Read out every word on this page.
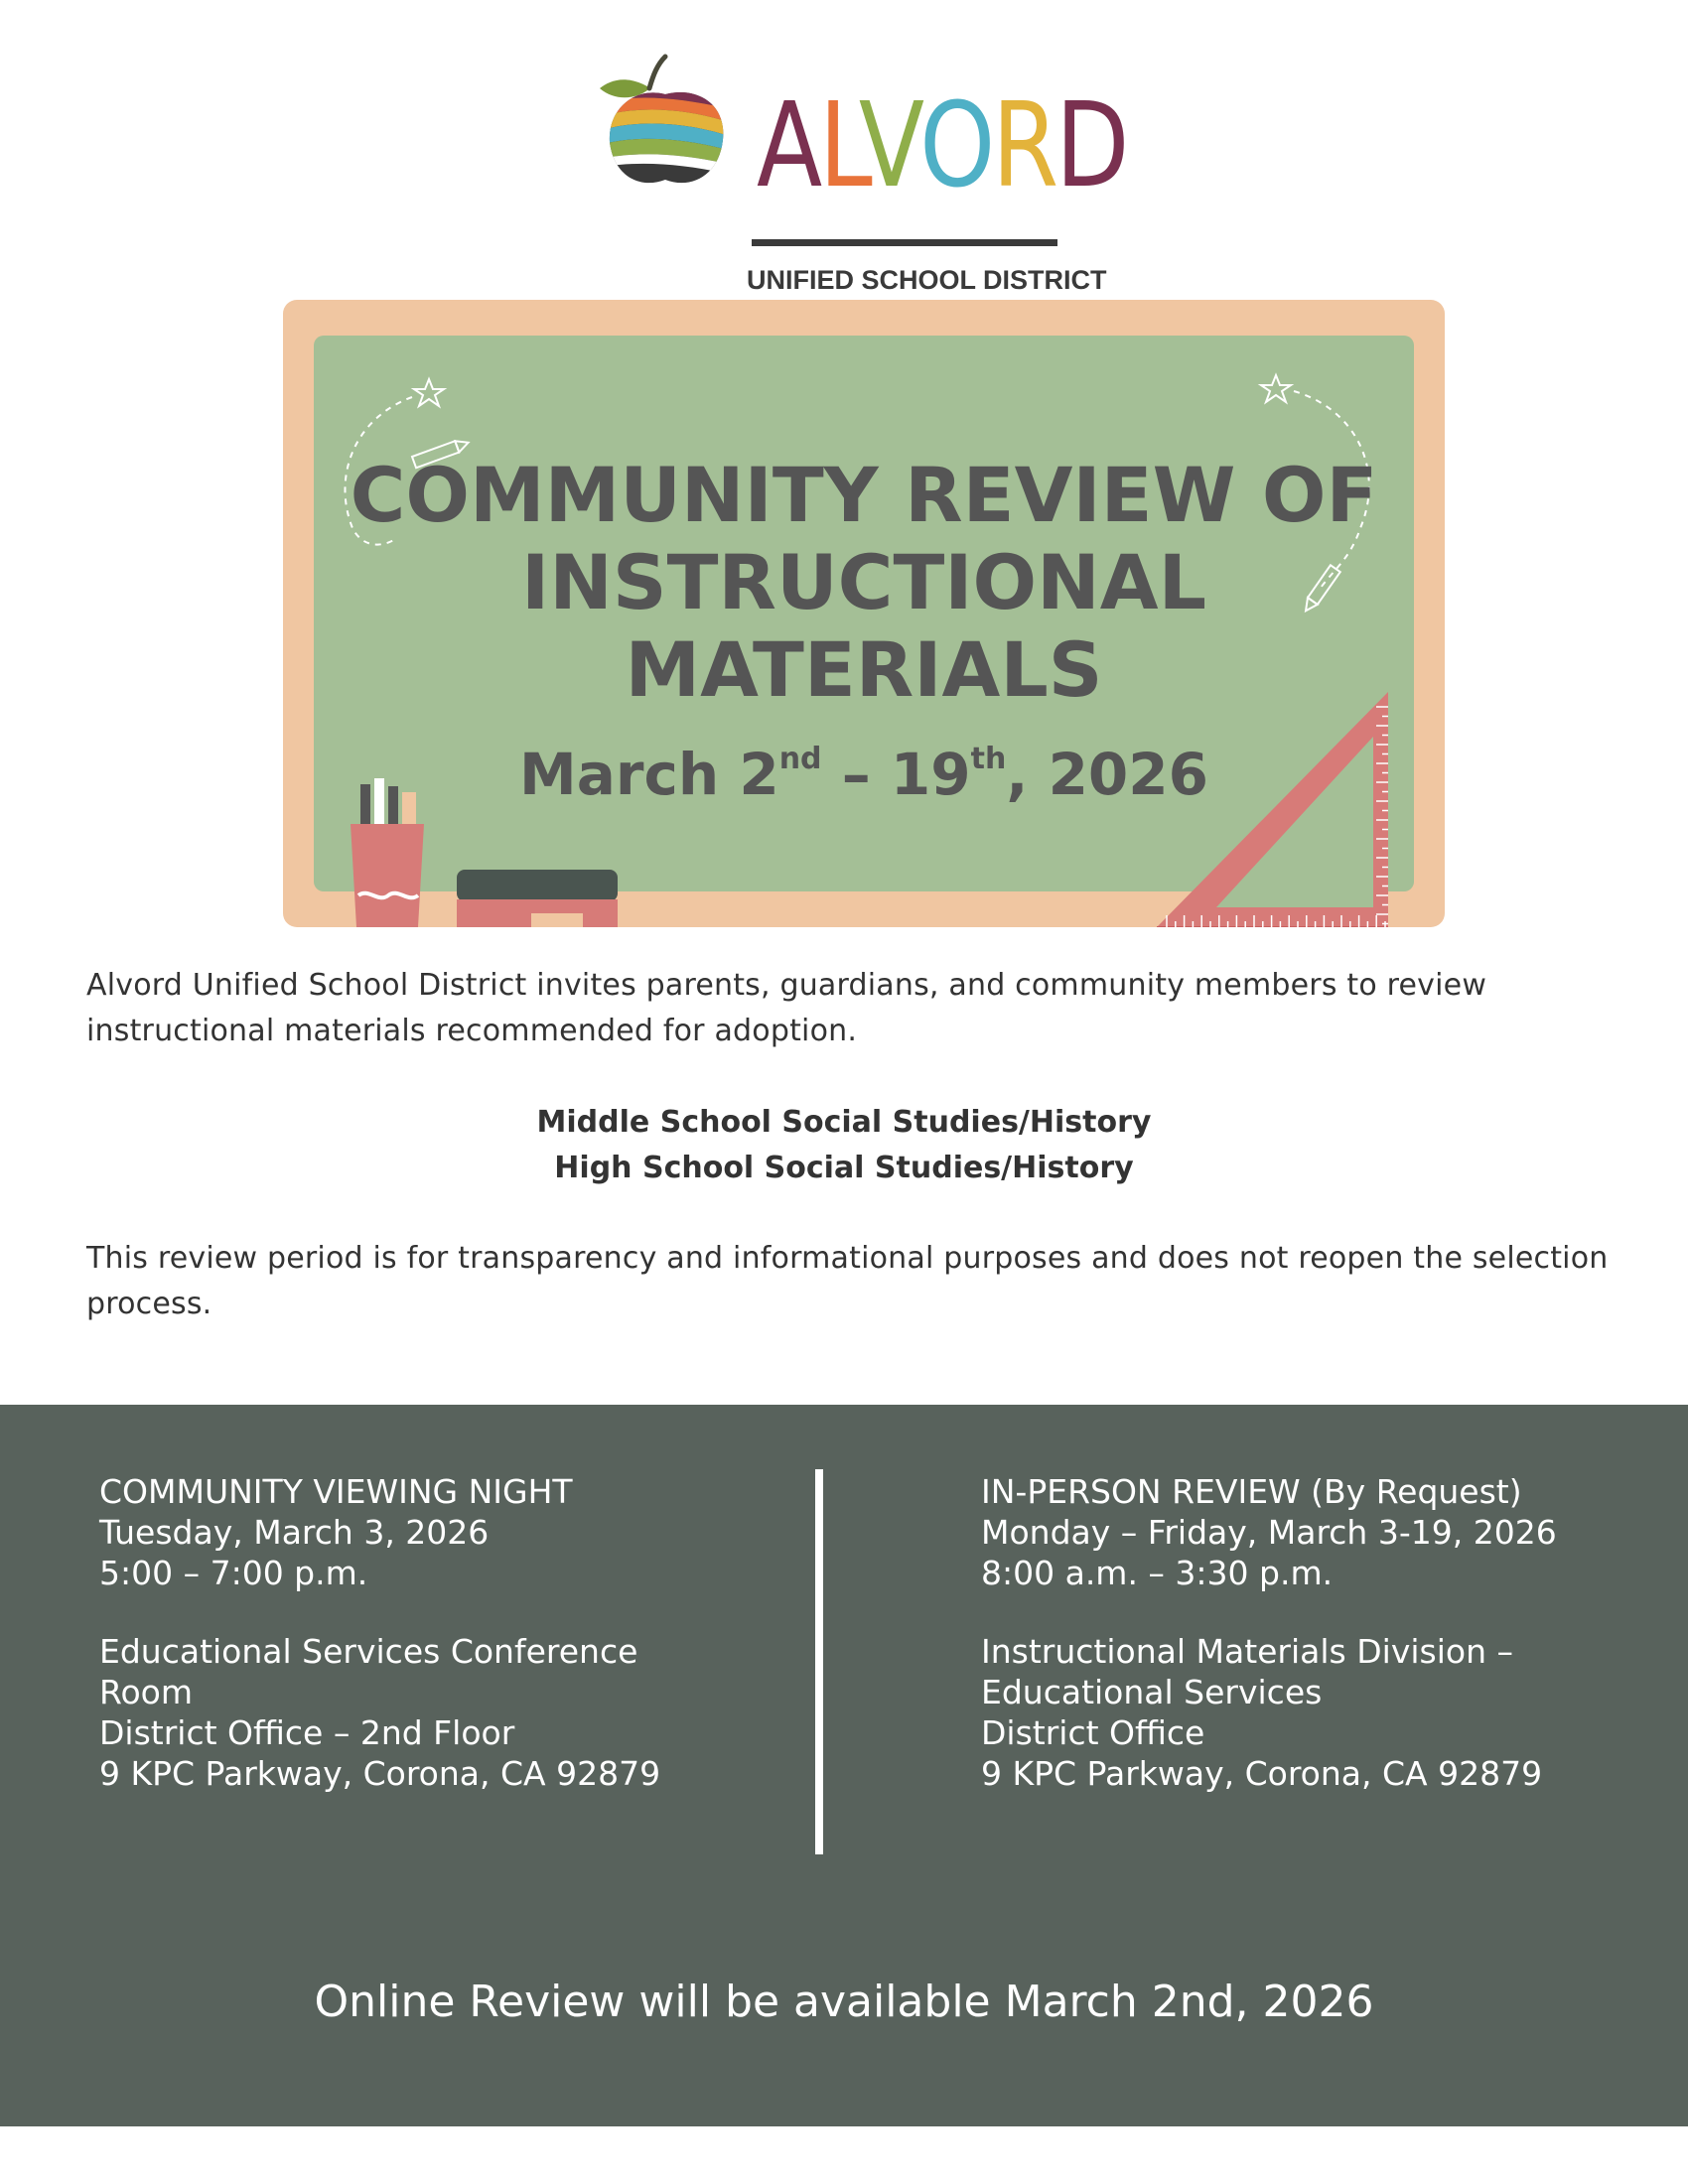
ALVORD
UNIFIED SCHOOL DISTRICT
COMMUNITY REVIEW OF
INSTRUCTIONAL
MATERIALS
March 2nd – 19th, 2026
Alvord Unified School District invites parents, guardians, and community members to review instructional materials recommended for adoption.
Middle School Social Studies/History
High School Social Studies/History
This review period is for transparency and informational purposes and does not reopen the selection process.
COMMUNITY VIEWING NIGHT
Tuesday, March 3, 2026
5:00 – 7:00 p.m.
Educational Services Conference
Room
District Office – 2nd Floor
9 KPC Parkway, Corona, CA 92879
IN-PERSON REVIEW (By Request)
Monday – Friday, March 3-19, 2026
8:00 a.m. – 3:30 p.m.
Instructional Materials Division –
Educational Services
District Office
9 KPC Parkway, Corona, CA 92879
Online Review will be available March 2nd, 2026
